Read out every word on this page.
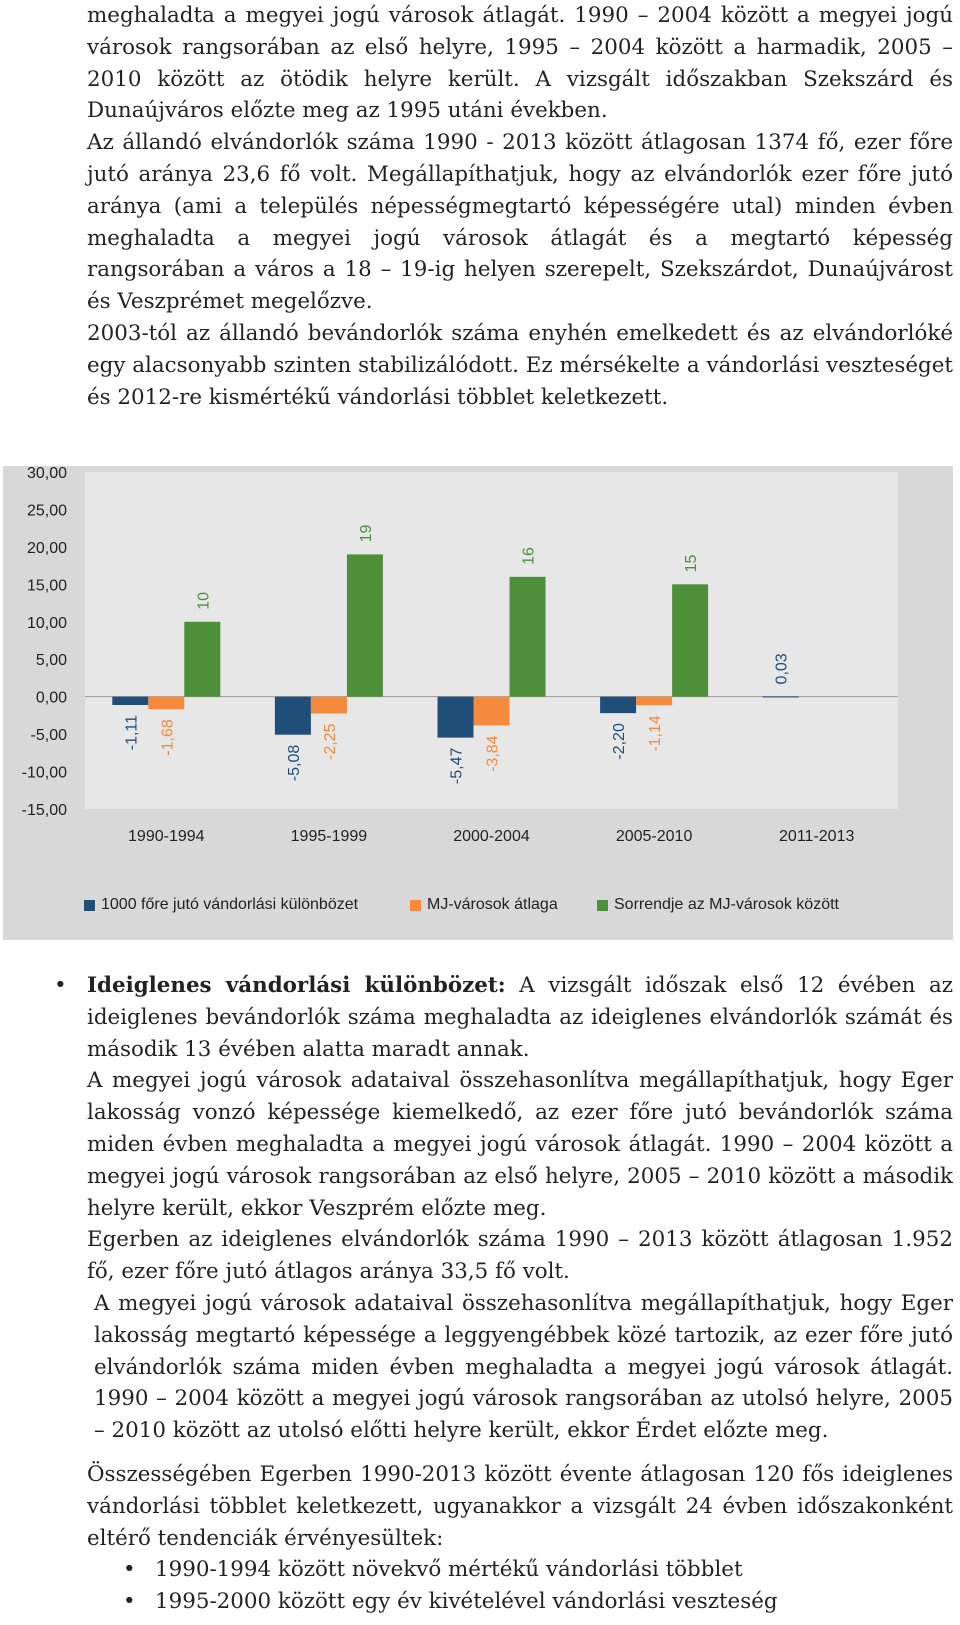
meghaladta a megyei jogú városok átlagát. 1990 – 2004 között a megyei jogú városok rangsorában az első helyre, 1995 – 2004 között a harmadik, 2005 – 2010 között az ötödik helyre került. A vizsgált időszakban Szekszárd és Dunaújváros előzte meg az 1995 utáni években.

Az állandó elvándorlók száma 1990 - 2013 között átlagosan 1374 fő, ezer főre jutó aránya 23,6 fő volt. Megállapíthatjuk, hogy az elvándorlók ezer főre jutó aránya (ami a település népességmegtartó képességére utal) minden évben meghaladta a megyei jogú városok átlagát és a megtartó képesség rangsorában a város a 18 – 19-ig helyen szerepelt, Szekszárdot, Dunaújvárost és Veszprémet megelőzve.

2003-tól az állandó bevándorlók száma enyhén emelkedett és az elvándorlóké egy alacsonyabb szinten stabilizálódott. Ez mérsékelte a vándorlási veszteséget és 2012-re kismértékű vándorlási többlet keletkezett.

30,00
25,00
20,00
15,00
10,00
5,00
0,00
-5,00
-10,00
-15,00
1990-1994
-1,11 -1,68
10
1995-1999
-5,08
-2,25
19
2000-2004
-5,47 -3,84
16
2005-2010
-2,20 -1,14
15
2011-2013
0,03
1000 főre jutó vándorlási különbözet	MJ-városok átlaga	Sorrendje az MJ-városok között

• Ideiglenes vándorlási különbözet: A vizsgált időszak első 12 évében az ideiglenes bevándorlók száma meghaladta az ideiglenes elvándorlók számát és második 13 évében alatta maradt annak.

A megyei jogú városok adataival összehasonlítva megállapíthatjuk, hogy Eger lakosság vonzó képessége kiemelkedő, az ezer főre jutó bevándorlók száma miden évben meghaladta a megyei jogú városok átlagát. 1990 – 2004 között a megyei jogú városok rangsorában az első helyre, 2005 – 2010 között a második helyre került, ekkor Veszprém előzte meg.

Egerben az ideiglenes elvándorlók száma 1990 – 2013 között átlagosan 1.952 fő, ezer főre jutó átlagos aránya 33,5 fő volt.

A megyei jogú városok adataival összehasonlítva megállapíthatjuk, hogy Eger lakosság megtartó képessége a leggyengébbek közé tartozik, az ezer főre jutó elvándorlók száma miden évben meghaladta a megyei jogú városok átlagát. 1990 – 2004 között a megyei jogú városok rangsorában az utolsó helyre, 2005 – 2010 között az utolsó előtti helyre került, ekkor Érdet előzte meg.

Összességében Egerben 1990-2013 között évente átlagosan 120 fős ideiglenes vándorlási többlet keletkezett, ugyanakkor a vizsgált 24 évben időszakonként eltérő tendenciák érvényesültek:

• 1990-1994 között növekvő mértékű vándorlási többlet
• 1995-2000 között egy év kivételével vándorlási veszteség
